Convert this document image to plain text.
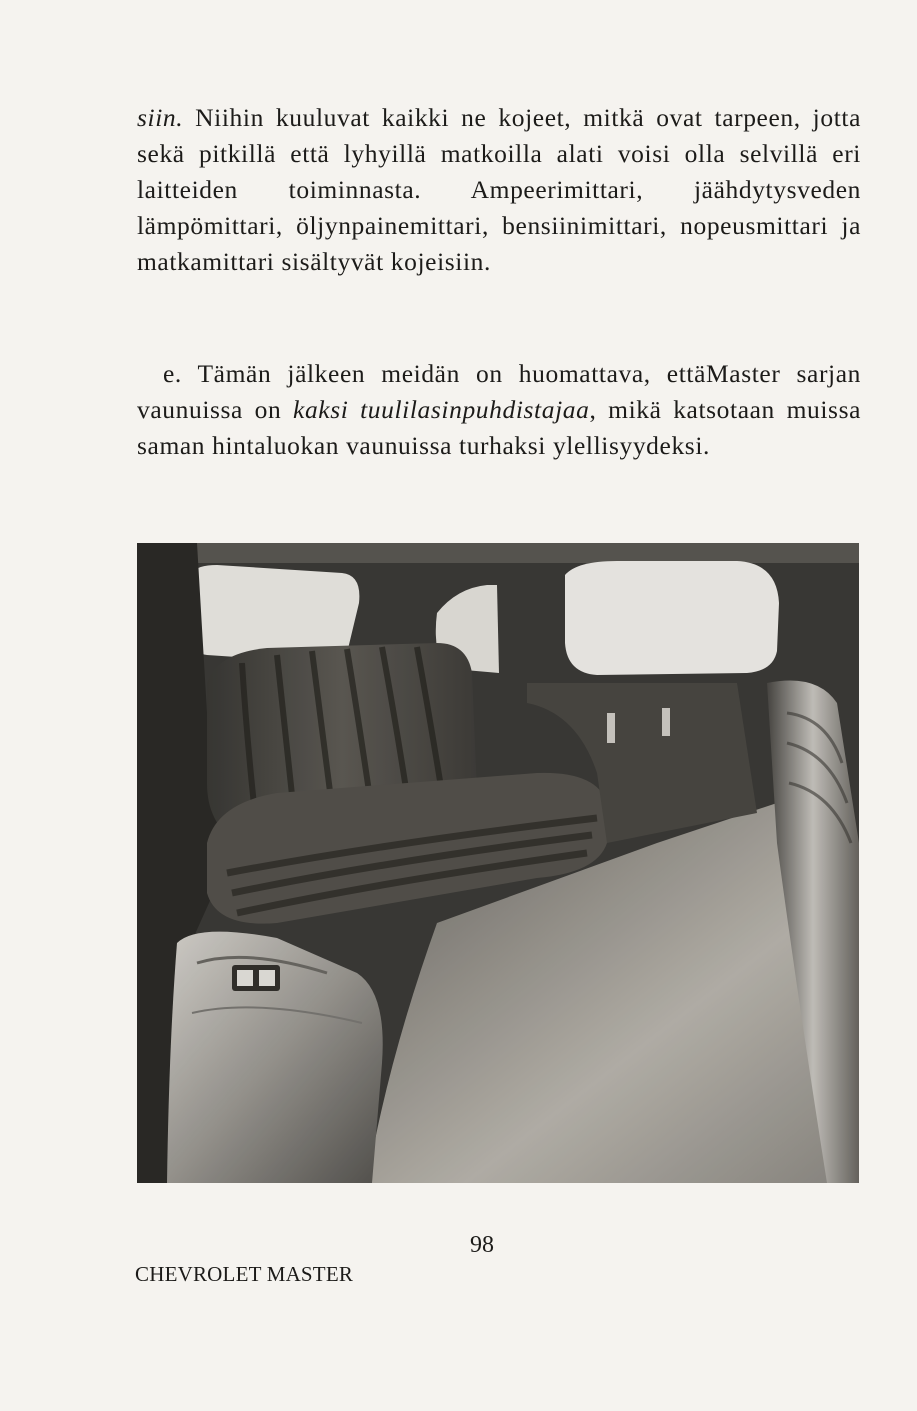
siin. Niihin kuuluvat kaikki ne kojeet, mitkä ovat tarpeen, jotta sekä pitkillä että lyhyillä matkoilla alati voisi olla selvillä eri laitteiden toiminnasta. Ampeerimittari, jäähdytysveden lämpömittari, öljynpainemittari, bensiinimittari, nopeusmittari ja matkamittari sisältyvät kojeisiin.

e. Tämän jälkeen meidän on huomattava, ettäMaster sarjan vaunuissa on kaksi tuulilasinpuhdistajaa, mikä katsotaan muissa saman hintaluokan vaunuissa turhaksi ylellisyydeksi.

98
CHEVROLET MASTER
